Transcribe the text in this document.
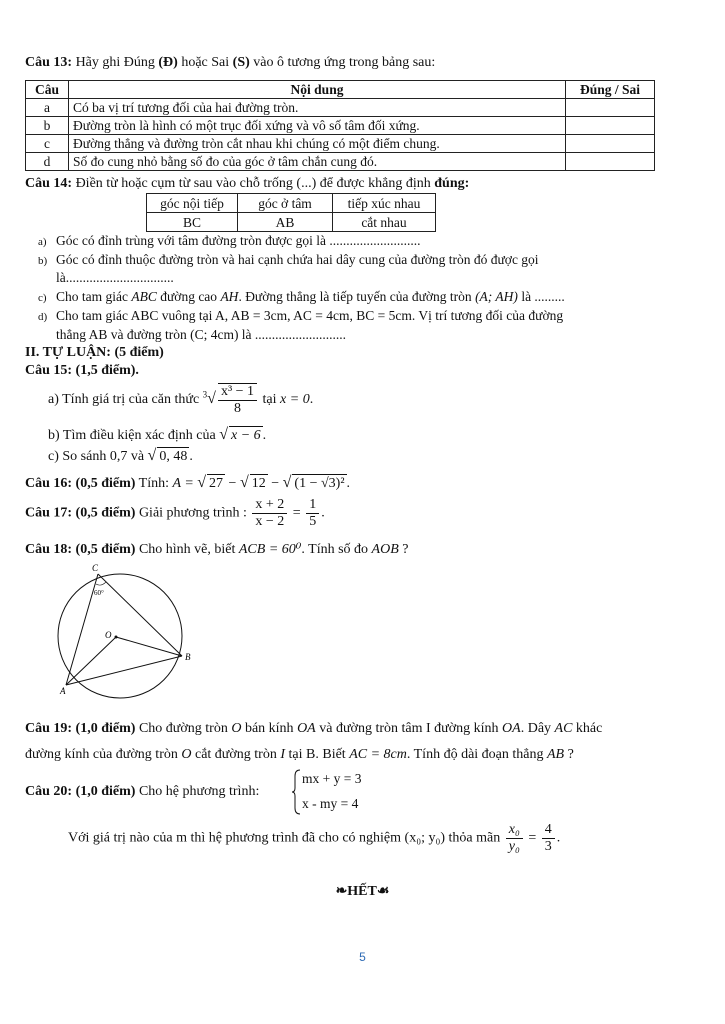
Câu 13: Hãy ghi Đúng (Đ) hoặc Sai (S) vào ô tương ứng trong bảng sau:
Câu	Nội dung	Đúng / Sai
a	Có ba vị trí tương đối của hai đường tròn.	
b	Đường tròn là hình có một trục đối xứng và vô số tâm đối xứng.	
c	Đường thẳng và đường tròn cắt nhau khi chúng có một điểm chung.	
d	Số đo cung nhỏ bằng số đo của góc ở tâm chắn cung đó.	
Câu 14: Điền từ hoặc cụm từ sau vào chỗ trống (...) để được khẳng định đúng:
góc nội tiếp	góc ở tâm	tiếp xúc nhau
BC	AB	cắt nhau
a) Góc có đỉnh trùng với tâm đường tròn được gọi là ...........................
b) Góc có đỉnh thuộc đường tròn và hai cạnh chứa hai dây cung của đường tròn đó được gọi
là................................
c) Cho tam giác ABC đường cao AH. Đường thẳng là tiếp tuyến của đường tròn (A; AH) là .........
d) Cho tam giác ABC vuông tại A, AB = 3cm, AC = 4cm, BC = 5cm. Vị trí tương đối của đường
thẳng AB và đường tròn (C; 4cm) là ...........................
II. TỰ LUẬN: (5 điểm)
Câu 15: (1,5 điểm).
a) Tính giá trị của căn thức $^3√ \frac{\text{x³ − 1}}{8}$ tại x = 0.
b) Tìm điều kiện xác định của √ x − 6 .
c) So sánh 0,7 và √ 0, 48 .
Câu 16: (0,5 điểm) Tính: A = √ 27 − √ 12 − √ (1 − √3)² .
Câu 17: (0,5 điểm) Giải phương trình : $\frac{x + 2}{x - 2} = \frac{1}{5}$ .
Câu 18: (0,5 điểm) Cho hình vẽ, biết ACB = 60⁰. Tính số đo AOB ?
C
O
B
A
60°
Câu 19: (1,0 điểm) Cho đường tròn O bán kính OA và đường tròn tâm I đường kính OA. Dây AC khác
đường kính của đường tròn O cắt đường tròn I tại B. Biết AC = 8cm. Tính độ dài đoạn thẳng AB ?
Câu 20: (1,0 điểm) Cho hệ phương trình:
mx + y = 3
x - my = 4
Với giá trị nào của m thì hệ phương trình đã cho có nghiệm (x₀; y₀) thỏa mãn $\frac{\text{x₀}}{\text{y₀}} = \frac{4}{3}$ .
❧HẾT☙
5
